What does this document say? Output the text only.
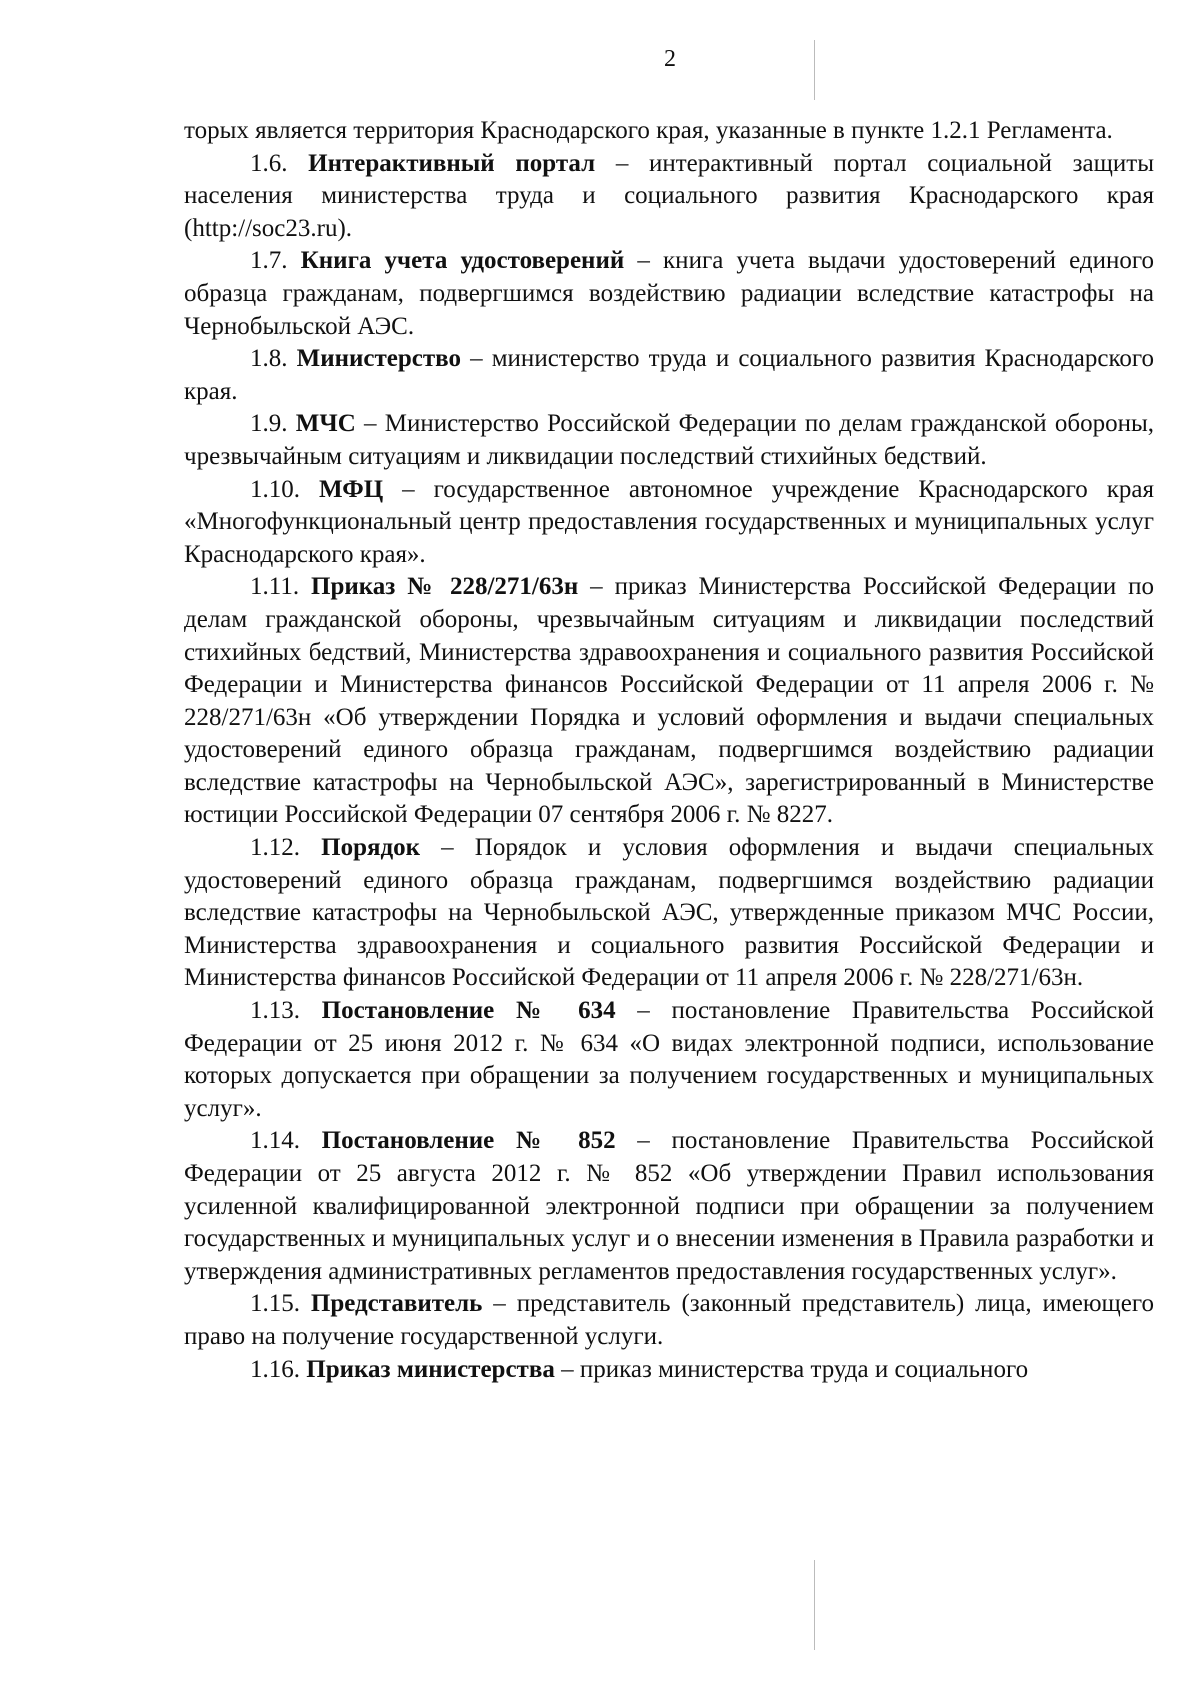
2

торых является территория Краснодарского края, указанные в пункте 1.2.1 Регламента.

1.6. Интерактивный портал – интерактивный портал социальной защиты населения министерства труда и социального развития Краснодарского края (http://soc23.ru).

1.7. Книга учета удостоверений – книга учета выдачи удостоверений единого образца гражданам, подвергшимся воздействию радиации вследствие катастрофы на Чернобыльской АЭС.

1.8. Министерство – министерство труда и социального развития Краснодарского края.

1.9. МЧС – Министерство Российской Федерации по делам гражданской обороны, чрезвычайным ситуациям и ликвидации последствий стихийных бедствий.

1.10. МФЦ – государственное автономное учреждение Краснодарского края «Многофункциональный центр предоставления государственных и муниципальных услуг Краснодарского края».

1.11. Приказ № 228/271/63н – приказ Министерства Российской Федерации по делам гражданской обороны, чрезвычайным ситуациям и ликвидации последствий стихийных бедствий, Министерства здравоохранения и социального развития Российской Федерации и Министерства финансов Российской Федерации от 11 апреля 2006 г. № 228/271/63н «Об утверждении Порядка и условий оформления и выдачи специальных удостоверений единого образца гражданам, подвергшимся воздействию радиации вследствие катастрофы на Чернобыльской АЭС», зарегистрированный в Министерстве юстиции Российской Федерации 07 сентября 2006 г. № 8227.

1.12. Порядок – Порядок и условия оформления и выдачи специальных удостоверений единого образца гражданам, подвергшимся воздействию радиации вследствие катастрофы на Чернобыльской АЭС, утвержденные приказом МЧС России, Министерства здравоохранения и социального развития Российской Федерации и Министерства финансов Российской Федерации от 11 апреля 2006 г. № 228/271/63н.

1.13. Постановление № 634 – постановление Правительства Российской Федерации от 25 июня 2012 г. № 634 «О видах электронной подписи, использование которых допускается при обращении за получением государственных и муниципальных услуг».

1.14. Постановление № 852 – постановление Правительства Российской Федерации от 25 августа 2012 г. № 852 «Об утверждении Правил использования усиленной квалифицированной электронной подписи при обращении за получением государственных и муниципальных услуг и о внесении изменения в Правила разработки и утверждения административных регламентов предоставления государственных услуг».

1.15. Представитель – представитель (законный представитель) лица, имеющего право на получение государственной услуги.

1.16. Приказ министерства – приказ министерства труда и социального
